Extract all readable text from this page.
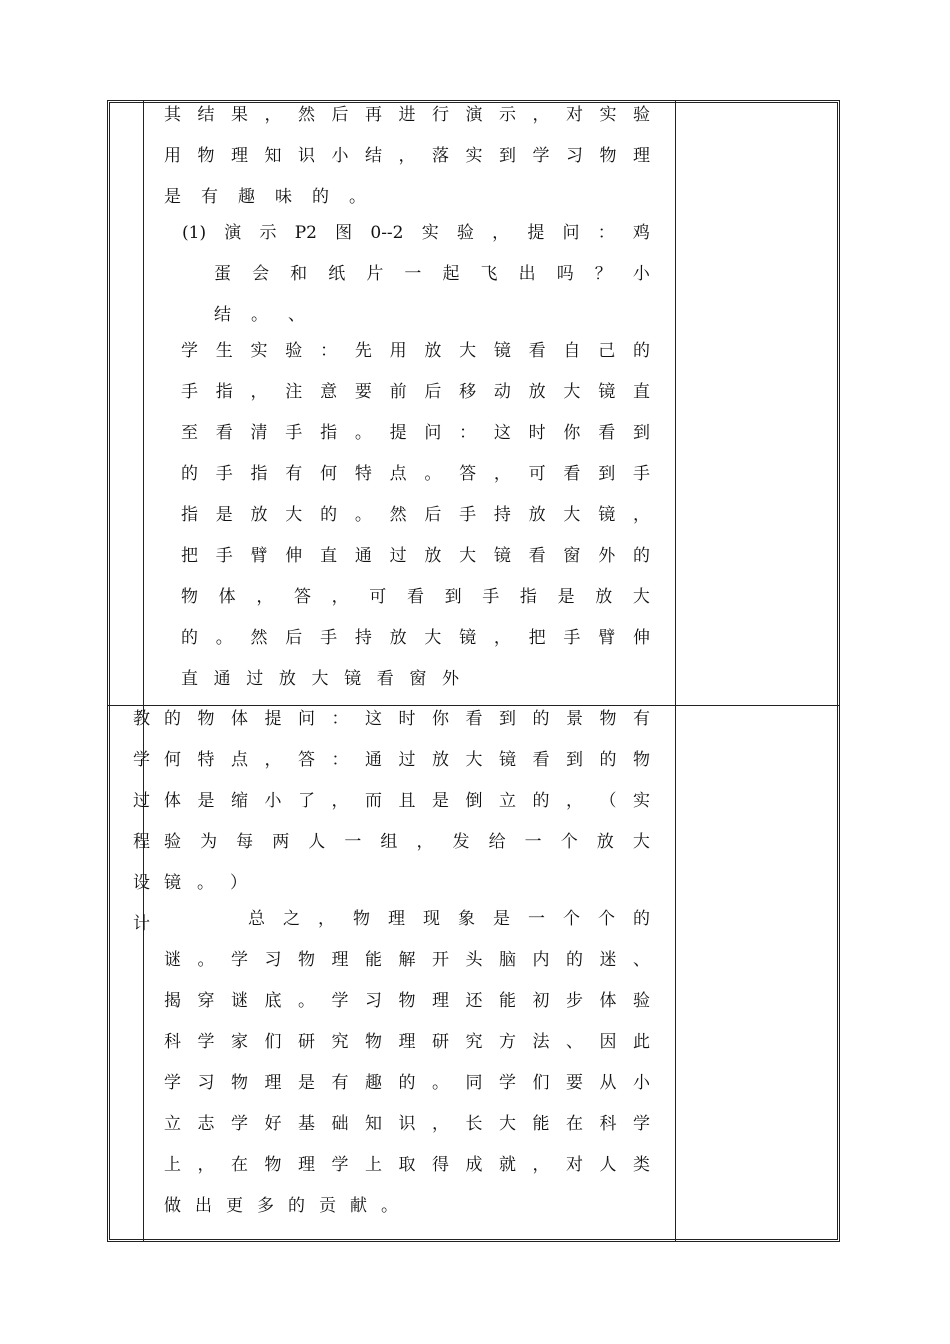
教
学
过
程
设
计
其 结 果 ， 然 后 再 进 行 演 示 ， 对 实 验
用 物 理 知 识 小 结 ， 落 实 到 学 习 物 理
是 有 趣 味 的 。
(1) 演 示 P2 图 0--2 实 验 ， 提 问 ： 鸡
蛋 会 和 纸 片 一 起 飞 出 吗 ？ 小
结 。 、
学 生 实 验 ： 先 用 放 大 镜 看 自 己 的
手 指 ， 注 意 要 前 后 移 动 放 大 镜 直
至 看 清 手 指 。 提 问 ： 这 时 你 看 到
的 手 指 有 何 特 点 。 答 ， 可 看 到 手
指 是 放 大 的 。 然 后 手 持 放 大 镜 ，
把 手 臂 伸 直 通 过 放 大 镜 看 窗 外 的
物 体 ， 答 ， 可 看 到 手 指 是 放 大
的 。 然 后 手 持 放 大 镜 ， 把 手 臂 伸
直 通 过 放 大 镜 看 窗 外
的 物 体 提 问 ： 这 时 你 看 到 的 景 物 有
何 特 点 ， 答 ： 通 过 放 大 镜 看 到 的 物
体 是 缩 小 了 ， 而 且 是 倒 立 的 ， （ 实
验 为 每 两 人 一 组 ， 发 给 一 个 放 大
镜 。 ）
总 之 ， 物 理 现 象 是 一 个 个 的
谜 。 学 习 物 理 能 解 开 头 脑 内 的 迷 、
揭 穿 谜 底 。 学 习 物 理 还 能 初 步 体 验
科 学 家 们 研 究 物 理 研 究 方 法 、 因 此
学 习 物 理 是 有 趣 的 。 同 学 们 要 从 小
立 志 学 好 基 础 知 识 ， 长 大 能 在 科 学
上 ， 在 物 理 学 上 取 得 成 就 ， 对 人 类
做 出 更 多 的 贡 献 。
